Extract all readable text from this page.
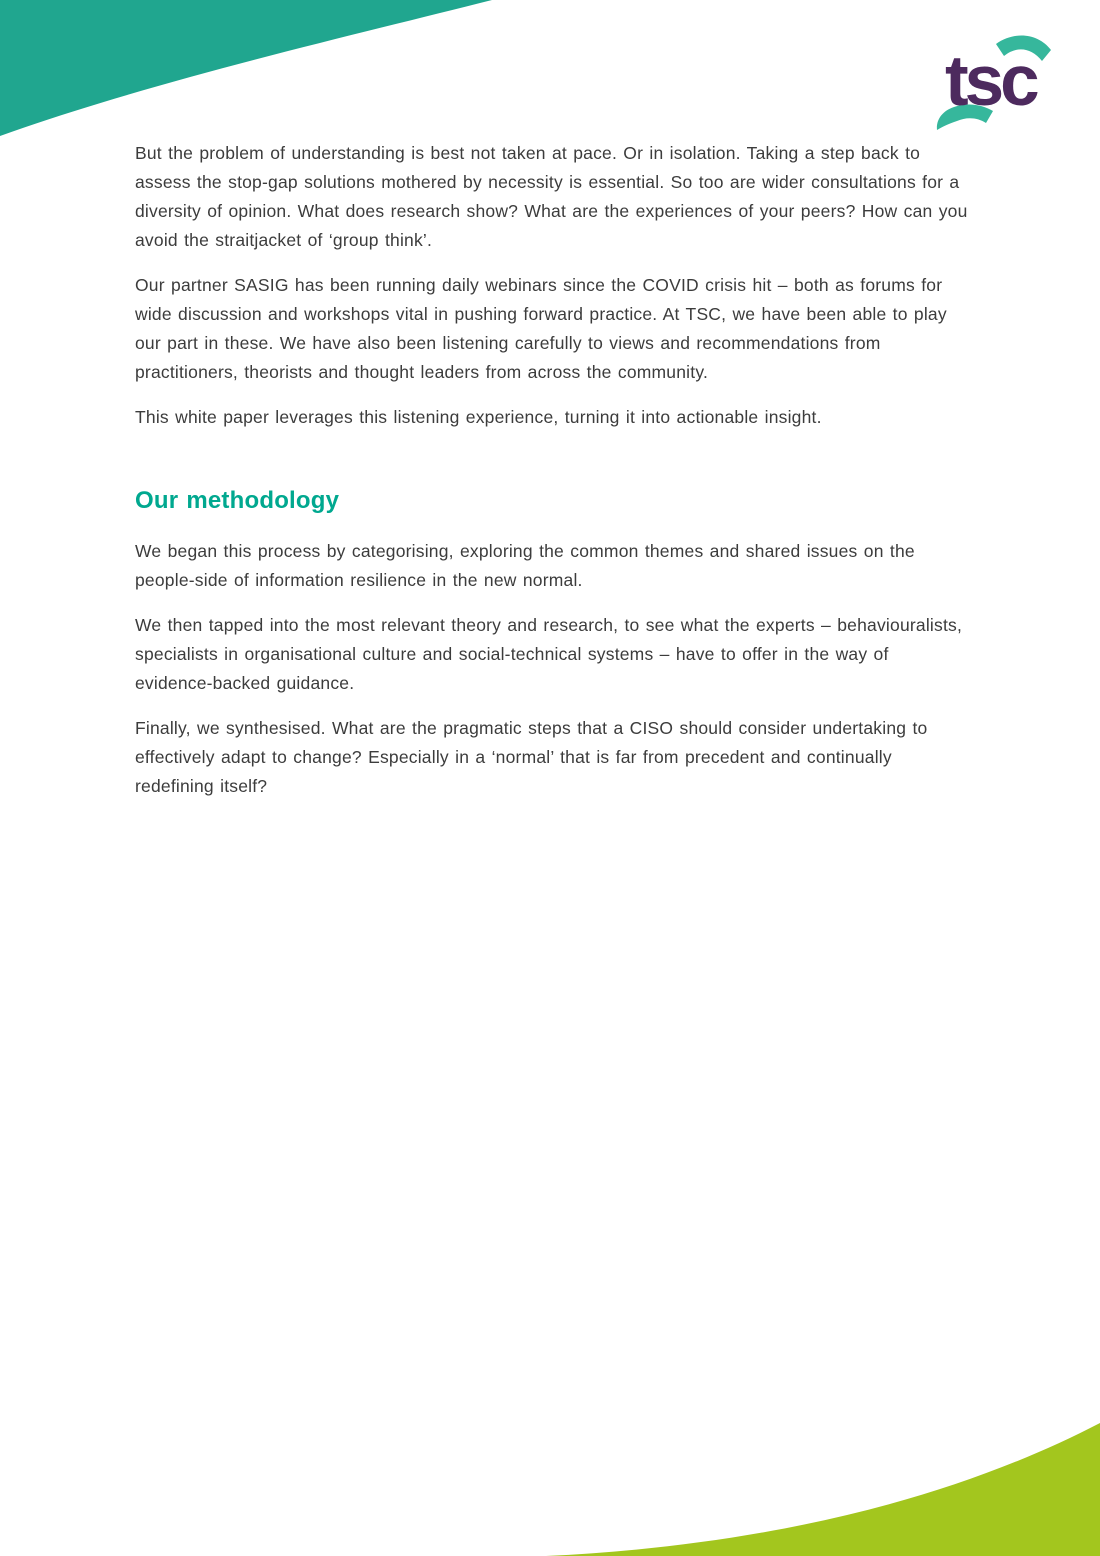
tsc

But the problem of understanding is best not taken at pace. Or in isolation. Taking a step back to assess the stop-gap solutions mothered by necessity is essential. So too are wider consultations for a diversity of opinion. What does research show? What are the experiences of your peers? How can you avoid the straitjacket of ‘group think’.

Our partner SASIG has been running daily webinars since the COVID crisis hit – both as forums for wide discussion and workshops vital in pushing forward practice. At TSC, we have been able to play our part in these. We have also been listening carefully to views and recommendations from practitioners, theorists and thought leaders from across the community.

This white paper leverages this listening experience, turning it into actionable insight.

Our methodology

We began this process by categorising, exploring the common themes and shared issues on the people-side of information resilience in the new normal.

We then tapped into the most relevant theory and research, to see what the experts – behaviouralists, specialists in organisational culture and social-technical systems – have to offer in the way of evidence-backed guidance.

Finally, we synthesised. What are the pragmatic steps that a CISO should consider undertaking to effectively adapt to change? Especially in a ‘normal’ that is far from precedent and continually redefining itself?
